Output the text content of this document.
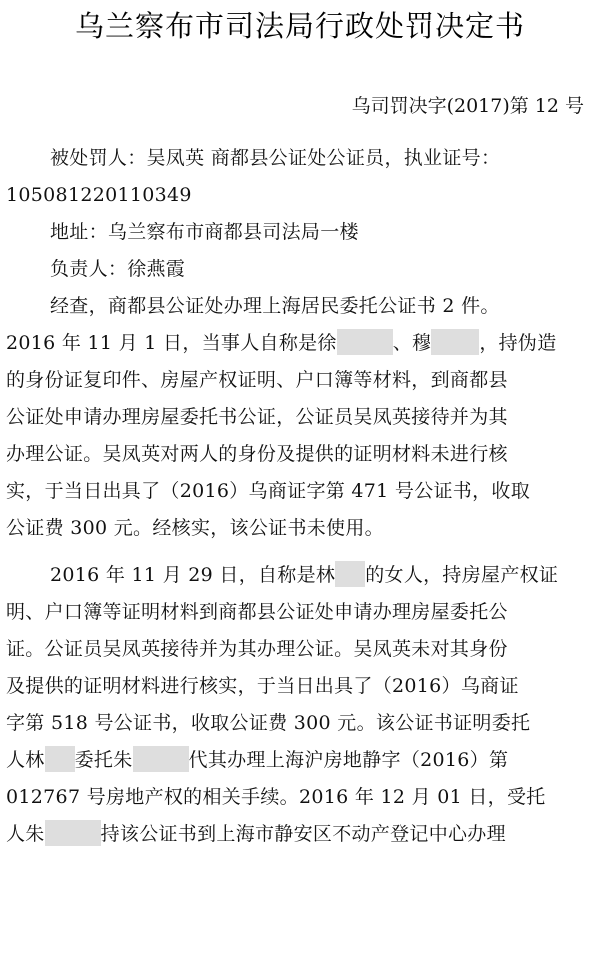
乌兰察布市司法局行政处罚决定书
乌司罚决字(2017)第 12 号
被处罚人：吴凤英 商都县公证处公证员，执业证号：
105081220110349
地址：乌兰察布市商都县司法局一楼
负责人：徐燕霞
经查，商都县公证处办理上海居民委托公证书 2 件。
2016 年 11 月 1 日，当事人自称是徐	、穆	，持伪造
的身份证复印件、房屋产权证明、户口簿等材料，到商都县
公证处申请办理房屋委托书公证，公证员吴凤英接待并为其
办理公证。吴凤英对两人的身份及提供的证明材料未进行核
实，于当日出具了（2016）乌商证字第 471 号公证书，收取
公证费 300 元。经核实，该公证书未使用。
2016 年 11 月 29 日，自称是林 的女人，持房屋产权证
明、户口簿等证明材料到商都县公证处申请办理房屋委托公
证。公证员吴凤英接待并为其办理公证。吴凤英未对其身份
及提供的证明材料进行核实，于当日出具了（2016）乌商证
字第 518 号公证书，收取公证费 300 元。该公证书证明委托
人林 委托朱	代其办理上海沪房地静字（2016）第
012767 号房地产权的相关手续。2016 年 12 月 01 日，受托
人朱	持该公证书到上海市静安区不动产登记中心办理
